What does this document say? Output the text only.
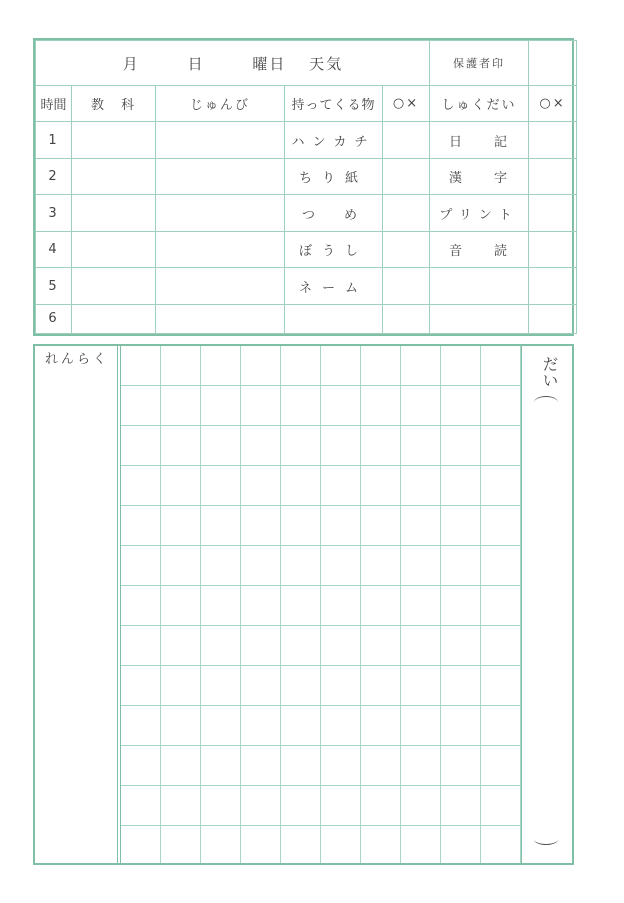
月 日 曜日 天気					保護者印	
時間	教　科	じゅんび	持ってくる物	○×	しゅくだい	○×
1			ハンカチ		日　　記	
2			ちり紙		漢　　字	
3			つ　め		プリント	
4			ぼうし		音　　読	
5			ネーム			
6						
れんらく	だい
